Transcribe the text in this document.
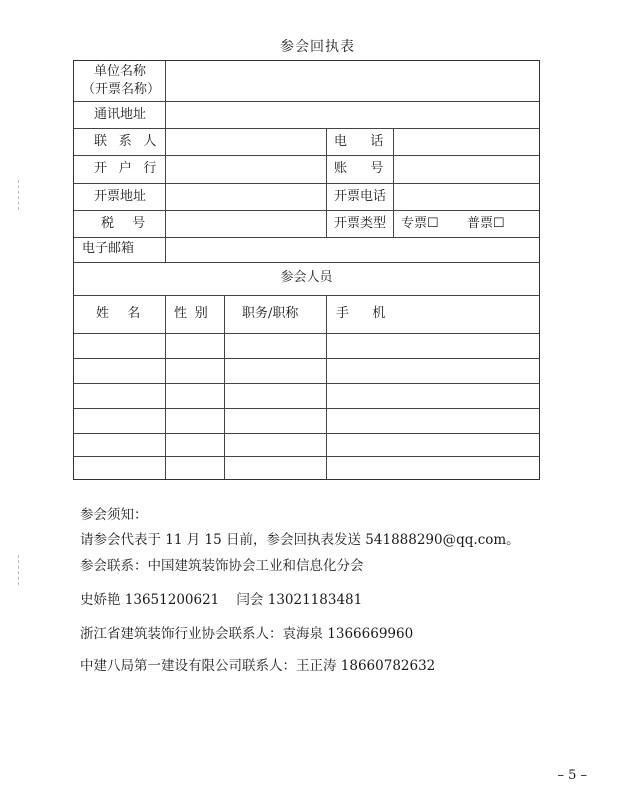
参会回执表
单位名称
（开票名称）
通讯地址
联系人	电话
开户行	账号
开票地址	开票电话
税号	开票类型 专票☐ 普票☐
电子邮箱
参会人员
姓名 性别 职务/职称	手机
参会须知：
请参会代表于 11 月 15 日前，参会回执表发送 541888290@qq.com。
参会联系：中国建筑装饰协会工业和信息化分会
史娇艳 13651200621    闫会 13021183481
浙江省建筑装饰行业协会联系人：袁海泉 1366669960
中建八局第一建设有限公司联系人：王正涛 18660782632
– 5 –
